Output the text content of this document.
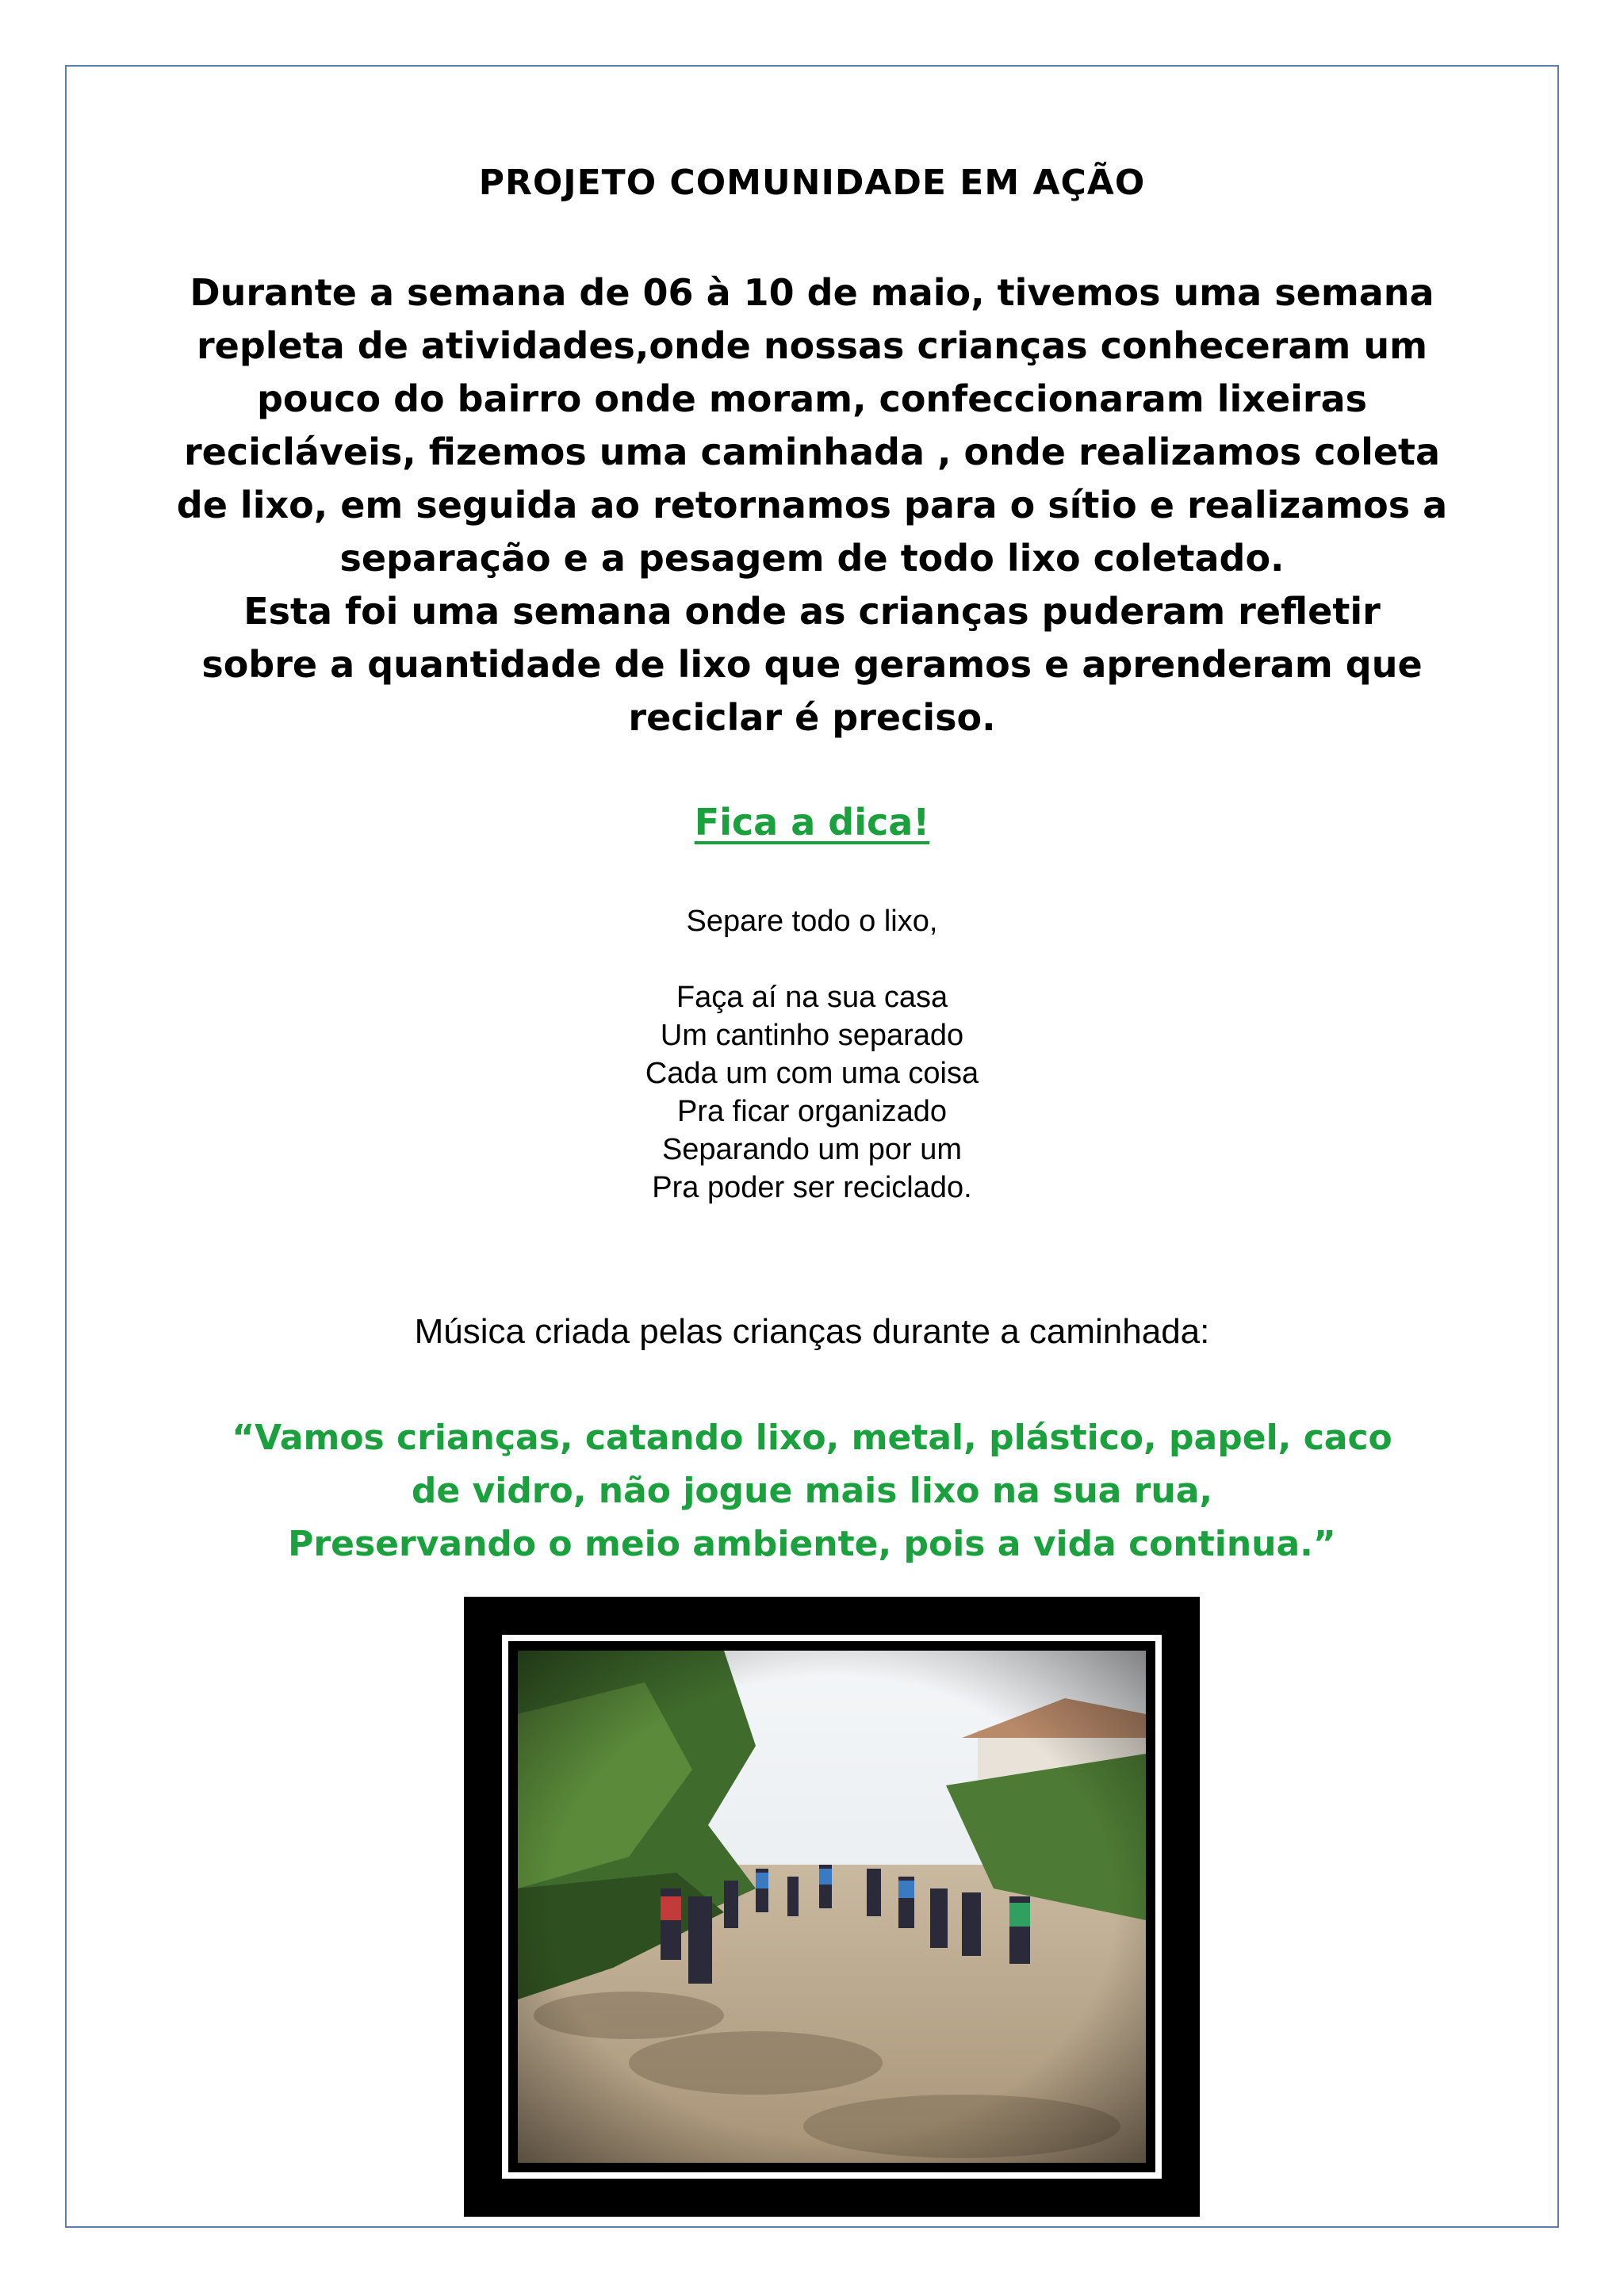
PROJETO COMUNIDADE EM AÇÃO

Durante a semana de 06 à 10 de maio, tivemos uma semana

repleta de atividades,onde nossas crianças conheceram um

pouco do bairro onde moram, confeccionaram lixeiras

recicláveis, fizemos uma caminhada , onde realizamos coleta

de lixo, em seguida ao retornamos para o sítio e realizamos a

separação e a pesagem de todo lixo coletado.

Esta foi uma semana onde as crianças puderam refletir

sobre a quantidade de lixo que geramos e aprenderam que

reciclar é preciso.

Fica a dica!
Separe todo o lixo,
Faça aí na sua casa
Um cantinho separado
Cada um com uma coisa
Pra ficar organizado
Separando um por um
Pra poder ser reciclado.
Música criada pelas crianças durante a caminhada:

“Vamos crianças, catando lixo, metal, plástico, papel, caco

de vidro, não jogue mais lixo na sua rua,

Preservando o meio ambiente, pois a vida continua.”
